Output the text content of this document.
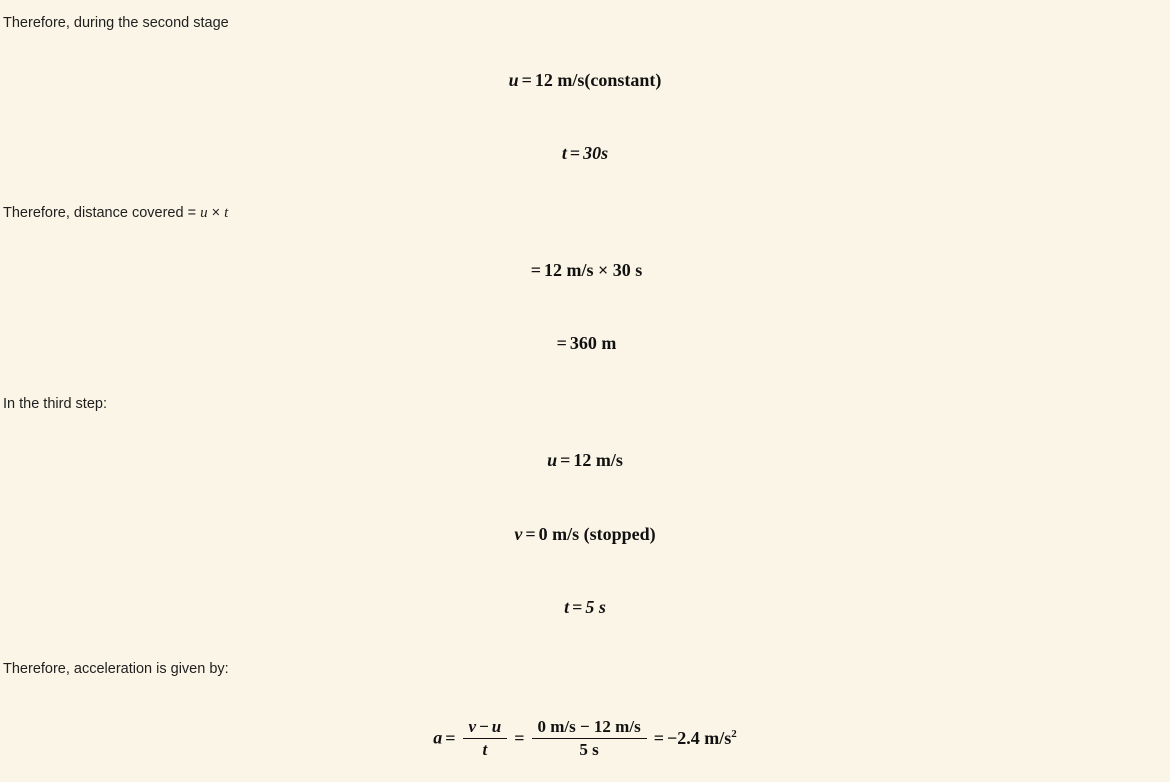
Therefore, during the second stage
u = 12 m/s(constant)
t = 30s
Therefore, distance covered = u × t
= 12 m/s × 30 s
= 360 m
In the third step:
u = 12 m/s
v = 0 m/s (stopped)
t = 5 s
Therefore, acceleration is given by:
$a = \frac{v - u}{t} = \frac{0 m/s - 12 m/s}{5 s} = -2.4$ $m/s^2$
